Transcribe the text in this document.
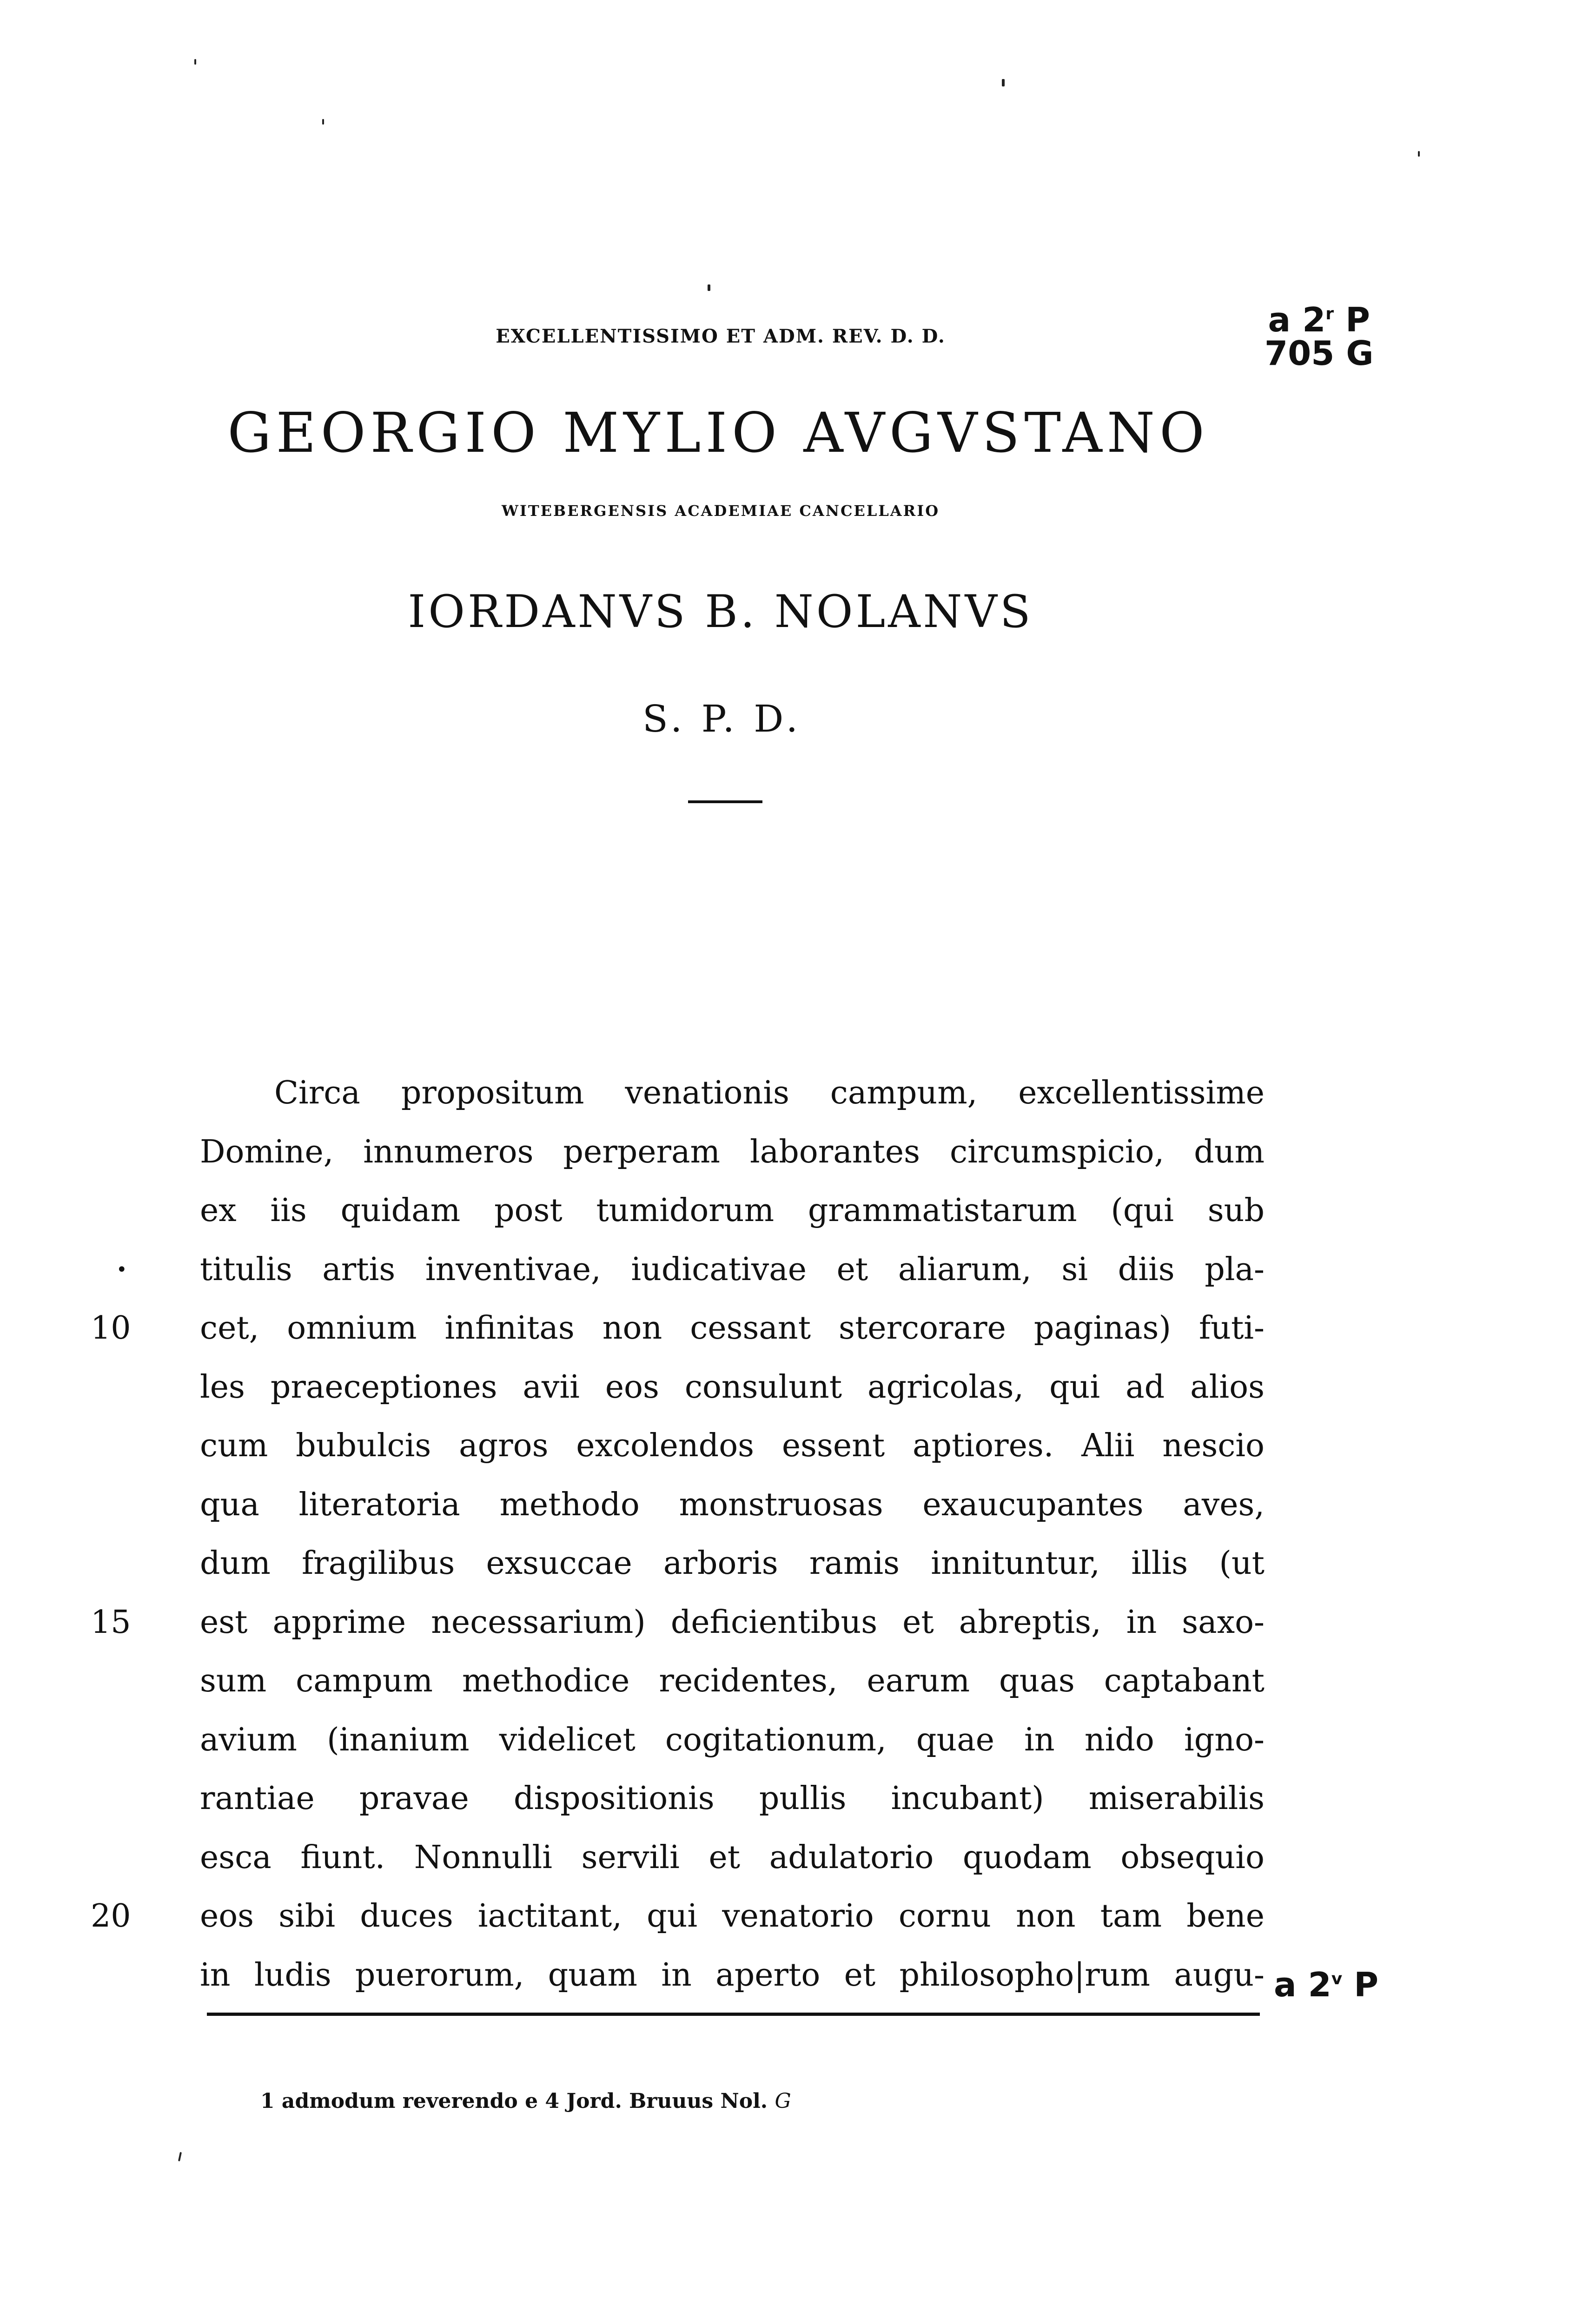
EXCELLENTISSIMO ET ADM. REV. D. D.
GEORGIO MYLIO AVGVSTANO
WITEBERGENSIS ACADEMIAE CANCELLARIO
IORDANVS B. NOLANVS
S. P. D.
a 2$^r$ P
705 G
Circa propositum venationis campum, excellentissime
Domine, innumeros perperam laborantes circumspicio, dum
ex iis quidam post tumidorum grammatistarum (qui sub
titulis artis inventivae, iudicativae et aliarum, si diis pla-
•
cet, omnium infinitas non cessant stercorare paginas) futi-
10
les praeceptiones avii eos consulunt agricolas, qui ad alios
cum bubulcis agros excolendos essent aptiores. Alii nescio
qua literatoria methodo monstruosas exaucupantes aves,
dum fragilibus exsuccae arboris ramis innituntur, illis (ut
est apprime necessarium) deficientibus et abreptis, in saxo-
15
sum campum methodice recidentes, earum quas captabant
avium (inanium videlicet cogitationum, quae in nido igno-
rantiae pravae dispositionis pullis incubant) miserabilis
esca fiunt. Nonnulli servili et adulatorio quodam obsequio
eos sibi duces iactitant, qui venatorio cornu non tam bene
20
in ludis puerorum, quam in aperto et philosopho|rum augu- a 2$^v$ P
1 admodum reverendo e 4 Jord. Bruuus Nol. G
